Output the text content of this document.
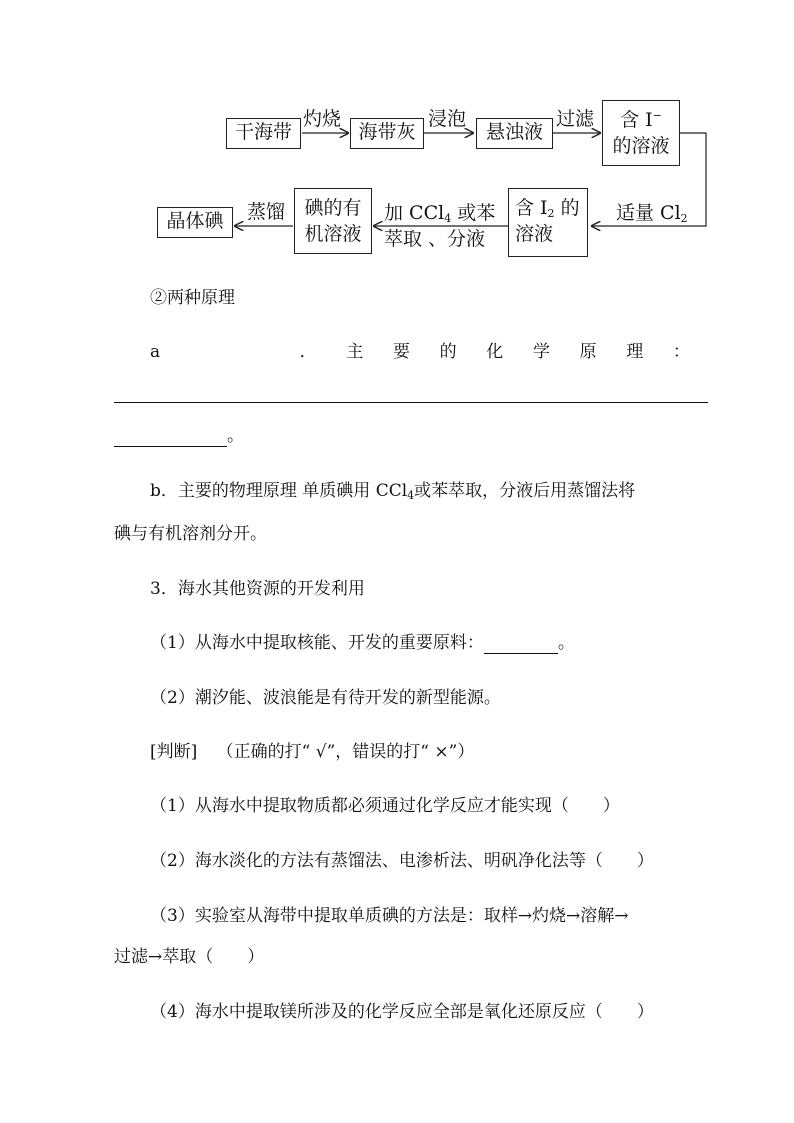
干海带
灼烧
海带灰
浸泡
悬浊液
过滤	含 I−
的溶液
适量 $Cl_2$
含 $I_2$ 的
溶液
加 CCl$_4$ 或苯
萃取 、分液
碘的有
机溶液
蒸馏
晶体碘
②两种原理
a	． 主 要 的 化 学 原 理 ：
。
b．主要的物理原理 单质碘用 CCl$_4$或苯萃取，分液后用蒸馏法将
碘与有机溶剂分开。
3．海水其他资源的开发利用
（1）从海水中提取核能、开发的重要原料：	。
（2）潮汐能、波浪能是有待开发的新型能源。
[判断] （正确的打“ √”，错误的打“ ×”）
（1）从海水中提取物质都必须通过化学反应才能实现（　　）
（2）海水淡化的方法有蒸馏法、电渗析法、明矾净化法等（　　）
（3）实验室从海带中提取单质碘的方法是：取样→灼烧→溶解→
过滤→萃取（　　）
（4）海水中提取镁所涉及的化学反应全部是氧化还原反应（　　）
